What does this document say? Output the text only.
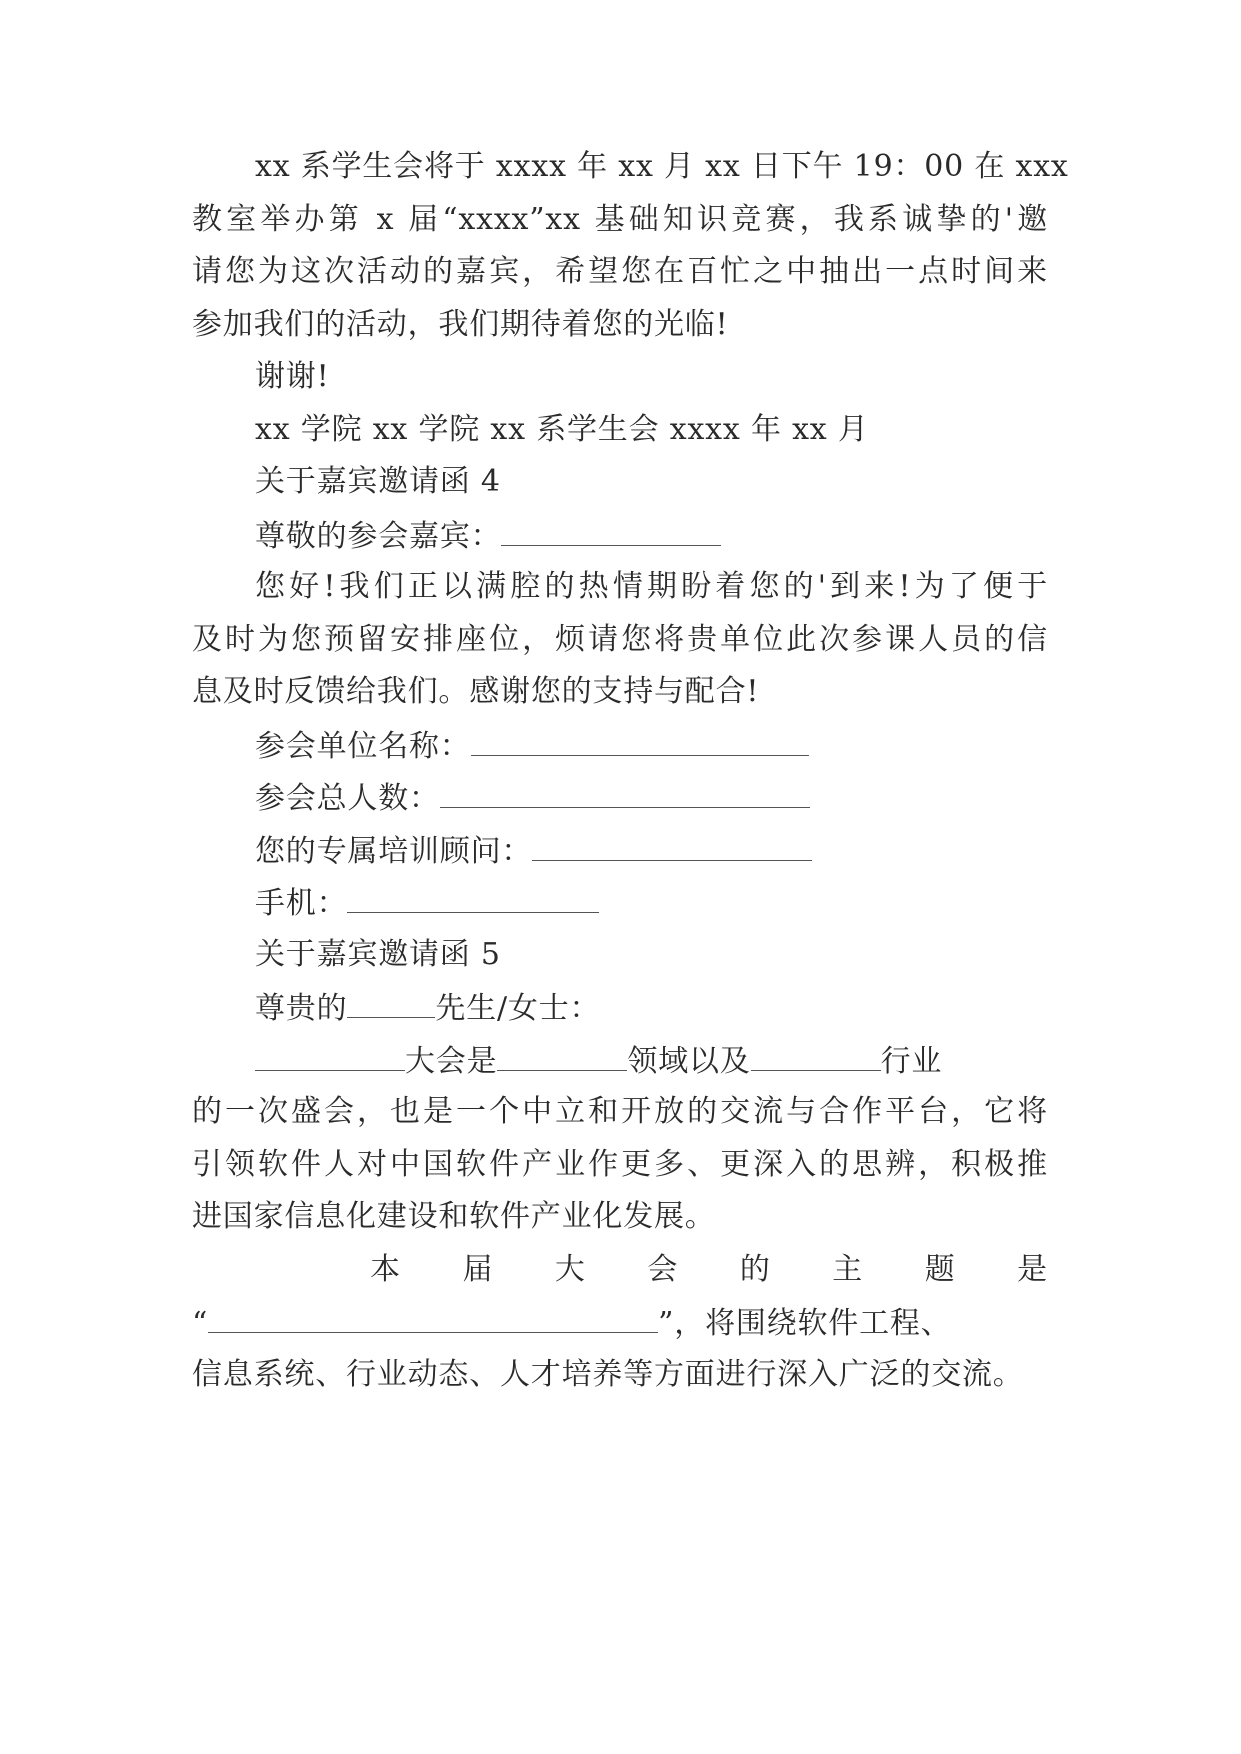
xx 系学生会将于 xxxx 年 xx 月 xx 日下午 19：00 在 xxx
教室举办第 x 届“xxxx”xx 基础知识竞赛，我系诚挚的'邀
请您为这次活动的嘉宾，希望您在百忙之中抽出一点时间来
参加我们的活动，我们期待着您的光临!
谢谢!
xx 学院 xx 学院 xx 系学生会 xxxx 年 xx 月
关于嘉宾邀请函 4
尊敬的参会嘉宾：
您好!我们正以满腔的热情期盼着您的'到来!为了便于
及时为您预留安排座位，烦请您将贵单位此次参课人员的信
息及时反馈给我们。感谢您的支持与配合!
参会单位名称：
参会总人数：
您的专属培训顾问：
手机：
关于嘉宾邀请函 5
尊贵的	先生/女士：
大会是	领域以及	行业
的一次盛会，也是一个中立和开放的交流与合作平台，它将
引领软件人对中国软件产业作更多、更深入的思辨，积极推
进国家信息化建设和软件产业化发展。
本 届 大 会 的 主 题 是
“	”，将围绕软件工程、
信息系统、行业动态、人才培养等方面进行深入广泛的交流。
